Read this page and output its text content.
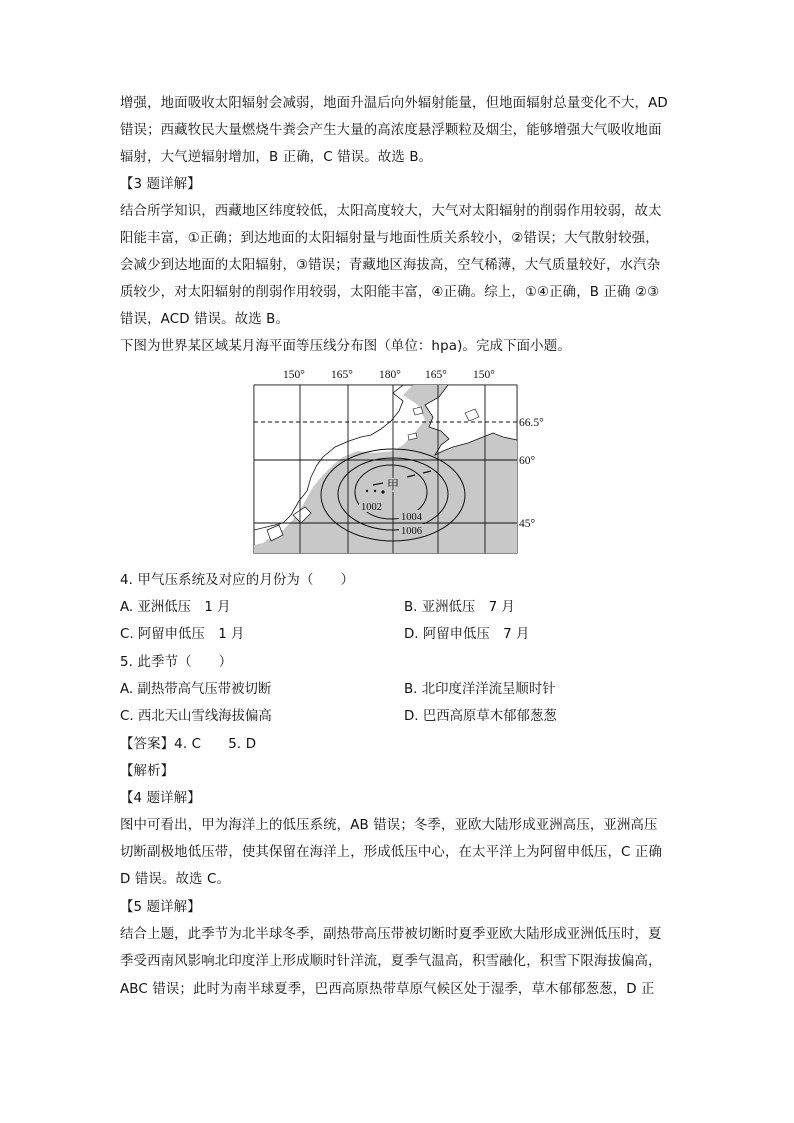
增强，地面吸收太阳辐射会减弱，地面升温后向外辐射能量，但地面辐射总量变化不大，AD
错误；西藏牧民大量燃烧牛粪会产生大量的高浓度悬浮颗粒及烟尘，能够增强大气吸收地面
辐射，大气逆辐射增加，B 正确，C 错误。故选 B。
【3 题详解】
结合所学知识，西藏地区纬度较低，太阳高度较大，大气对太阳辐射的削弱作用较弱，故太
阳能丰富，①正确；到达地面的太阳辐射量与地面性质关系较小，②错误；大气散射较强，
会减少到达地面的太阳辐射，③错误；青藏地区海拔高，空气稀薄，大气质量较好，水汽杂
质较少，对太阳辐射的削弱作用较弱，太阳能丰富，④正确。综上，①④正确，B 正确 ②③
错误，ACD 错误。故选 B。
下图为世界某区域某月海平面等压线分布图（单位：hpa)。完成下面小题。
150° 165° 180° 165° 150°
66.5°
60°
45°
甲
1002
1004
1006
4. 甲气压系统及对应的月份为（　　）
A. 亚洲低压　1 月	B. 亚洲低压　7 月
C. 阿留申低压　1 月	D. 阿留申低压　7 月
5. 此季节（　　）
A. 副热带高气压带被切断	B. 北印度洋洋流呈顺时针
C. 西北天山雪线海拔偏高	D. 巴西高原草木郁郁葱葱
【答案】4. C　　5. D
【解析】
【4 题详解】
图中可看出，甲为海洋上的低压系统，AB 错误；冬季，亚欧大陆形成亚洲高压，亚洲高压
切断副极地低压带，使其保留在海洋上，形成低压中心，在太平洋上为阿留申低压，C 正确
D 错误。故选 C。
【5 题详解】
结合上题，此季节为北半球冬季，副热带高压带被切断时夏季亚欧大陆形成亚洲低压时，夏
季受西南风影响北印度洋上形成顺时针洋流，夏季气温高，积雪融化，积雪下限海拔偏高，
ABC 错误；此时为南半球夏季，巴西高原热带草原气候区处于湿季，草木郁郁葱葱，D 正
